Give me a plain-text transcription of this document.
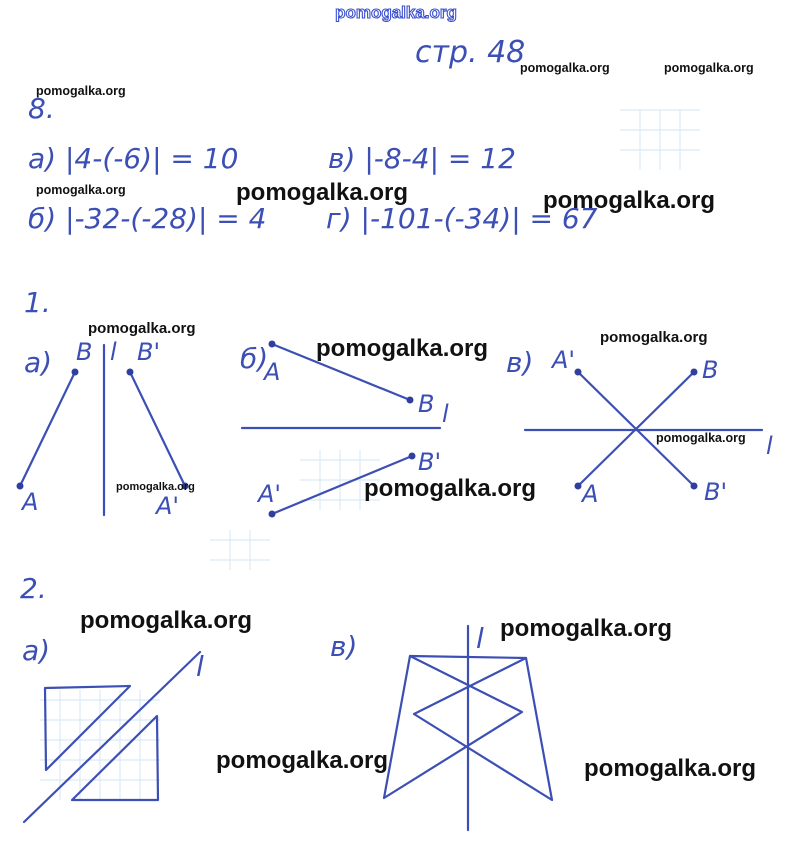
pomogalka.org
стр. 48
8.
а) |4-(-6)| = 10
б) |-32-(-28)| = 4
в) |-8-4| = 12
г) |-101-(-34)| = 67
1.
а) B l B'
A	A'
б)
A
B l
B'
A'
в) A'	B
l
A	B'
2.
а)	l
в)	l
pomogalka.org	pomogalka.org
pomogalka.org
pomogalka.org	pomogalka.org	pomogalka.org
pomogalka.org
pomogalka.org	pomogalka.org
pomogalka.org
pomogalka.org	pomogalka.org
pomogalka.org	pomogalka.org
pomogalka.org	pomogalka.org
